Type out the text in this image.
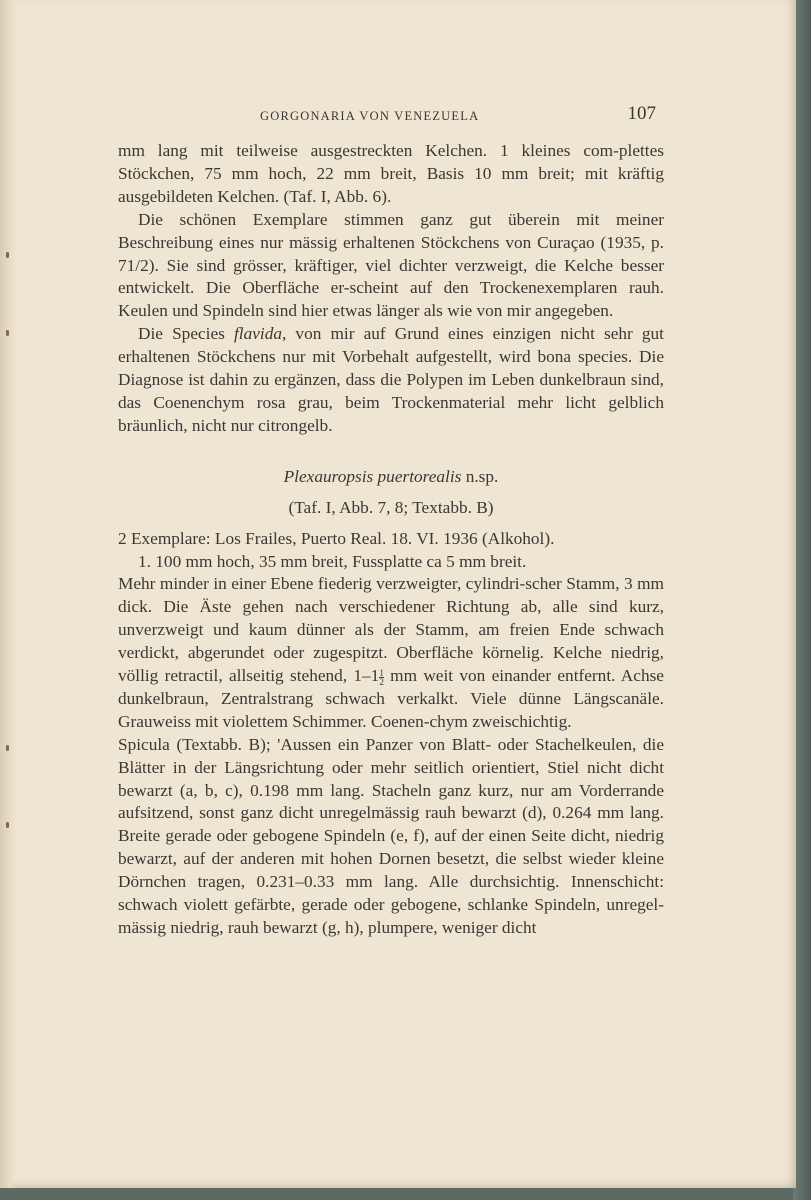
GORGONARIA VON VENEZUELA	107

mm lang mit teilweise ausgestreckten Kelchen. 1 kleines com-plettes Stöckchen, 75 mm hoch, 22 mm breit, Basis 10 mm breit; mit kräftig ausgebildeten Kelchen. (Taf. I, Abb. 6).

Die schönen Exemplare stimmen ganz gut überein mit meiner Beschreibung eines nur mässig erhaltenen Stöckchens von Curaçao (1935, p. 71/2). Sie sind grösser, kräftiger, viel dichter verzweigt, die Kelche besser entwickelt. Die Oberfläche er-scheint auf den Trockenexemplaren rauh. Keulen und Spindeln sind hier etwas länger als wie von mir angegeben.

Die Species flavida, von mir auf Grund eines einzigen nicht sehr gut erhaltenen Stöckchens nur mit Vorbehalt aufgestellt, wird bona species. Die Diagnose ist dahin zu ergänzen, dass die Polypen im Leben dunkelbraun sind, das Coenenchym rosa grau, beim Trockenmaterial mehr licht gelblich bräunlich, nicht nur citrongelb.

Plexauropsis puertorealis n.sp.

(Taf. I, Abb. 7, 8; Textabb. B)

2 Exemplare: Los Frailes, Puerto Real. 18. VI. 1936 (Alkohol).

1. 100 mm hoch, 35 mm breit, Fussplatte ca 5 mm breit.

Mehr minder in einer Ebene fiederig verzweigter, cylindri-scher Stamm, 3 mm dick. Die Äste gehen nach verschiedener Richtung ab, alle sind kurz, unverzweigt und kaum dünner als der Stamm, am freien Ende schwach verdickt, abgerundet oder zugespitzt. Oberfläche körnelig. Kelche niedrig, völlig retractil, allseitig stehend, $1-1 \frac{1}{2}$ mm weit von einander entfernt. Achse dunkelbraun, Zentralstrang schwach verkalkt. Viele dünne Längscanäle. Grauweiss mit violettem Schimmer. Coenen-chym zweischichtig.

Spicula (Textabb. B); 'Aussen ein Panzer von Blatt- oder Stachelkeulen, die Blätter in der Längsrichtung oder mehr seitlich orientiert, Stiel nicht dicht bewarzt (a, b, c), 0.198 mm lang. Stacheln ganz kurz, nur am Vorderrande aufsitzend, sonst ganz dicht unregelmässig rauh bewarzt (d), 0.264 mm lang. Breite gerade oder gebogene Spindeln (e, f), auf der einen Seite dicht, niedrig bewarzt, auf der anderen mit hohen Dornen besetzt, die selbst wieder kleine Dörnchen tragen, 0.231–0.33 mm lang. Alle durchsichtig. Innenschicht: schwach violett gefärbte, gerade oder gebogene, schlanke Spindeln, unregel-mässig niedrig, rauh bewarzt (g, h), plumpere, weniger dicht
